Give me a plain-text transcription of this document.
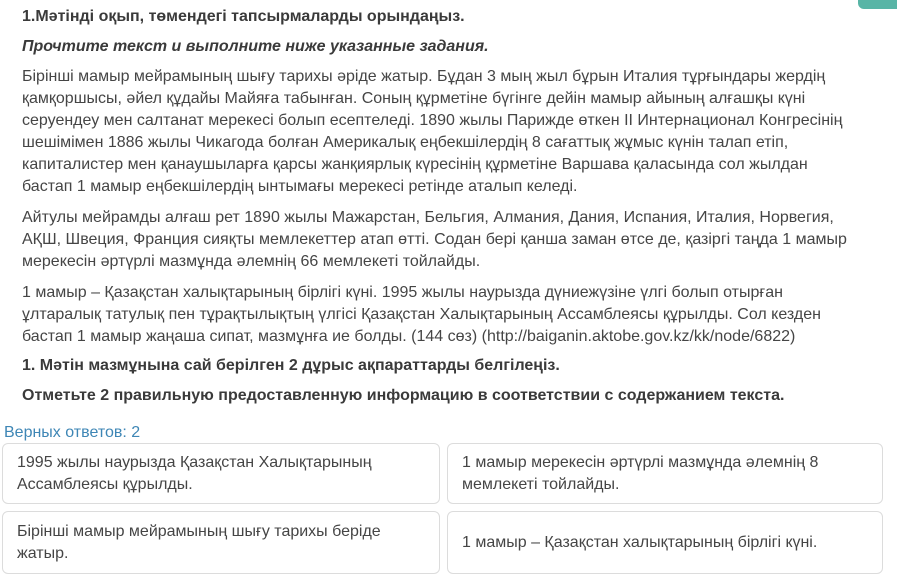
1.Мәтінді оқып, төмендегі тапсырмаларды орындаңыз.

Прочтите текст и выполните ниже указанные задания.

Бірінші мамыр мейрамының шығу тарихы әріде жатыр. Бұдан 3 мың жыл бұрын Италия тұрғындары жердің қамқоршысы, әйел құдайы Майяға табынған. Соның құрметіне бүгінге дейін мамыр айының алғашқы күні серуендеу мен салтанат мерекесі болып есептеледі. 1890 жылы Парижде өткен ІІ Интернационал Конгресінің шешімімен 1886 жылы Чикагода болған Америкалық еңбекшілердің 8 сағаттық жұмыс күнін талап етіп, капиталистер мен қанаушыларға қарсы жанқиярлық күресінің құрметіне Варшава қаласында сол жылдан бастап 1 мамыр еңбекшілердің ынтымағы мерекесі ретінде аталып келеді.

Айтулы мейрамды алғаш рет 1890 жылы Мажарстан, Бельгия, Алмания, Дания, Испания, Италия, Норвегия, АҚШ, Швеция, Франция сияқты мемлекеттер атап өтті. Содан бері қанша заман өтсе де, қазіргі таңда 1 мамыр мерекесін әртүрлі мазмұнда әлемнің 66 мемлекеті тойлайды.

1 мамыр – Қазақстан халықтарының бірлігі күні. 1995 жылы наурызда дүниежүзіне үлгі болып отырған ұлтаралық татулық пен тұрақтылықтың үлгісі Қазақстан Халықтарының Ассамблеясы құрылды. Сол кезден бастап 1 мамыр жаңаша сипат, мазмұнға ие болды. (144 сөз) (http://baiganin.aktobe.gov.kz/kk/node/6822)

1. Мәтін мазмұнына сай берілген 2 дұрыс ақпараттарды белгілеңіз.

Отметьте 2 правильную предоставленную информацию в соответствии с содержанием текста.

Верных ответов: 2
1995 жылы наурызда Қазақстан Халықтарының Ассамблеясы құрылды.
1 мамыр мерекесін әртүрлі мазмұнда әлемнің 8 мемлекеті тойлайды.
Бірінші мамыр мейрамының шығу тарихы беріде жатыр.
1 мамыр – Қазақстан халықтарының бірлігі күні.
